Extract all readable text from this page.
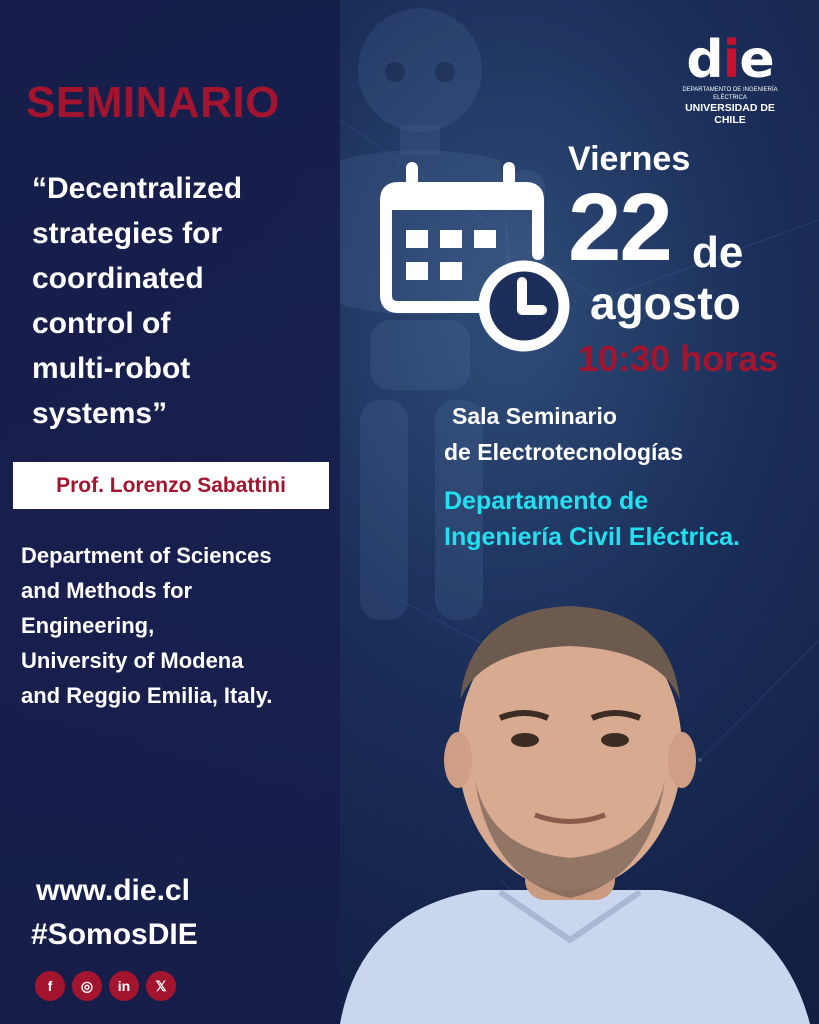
die
DEPARTAMENTO DE INGENIERÍA ELÉCTRICA
UNIVERSIDAD DE CHILE
SEMINARIO
“Decentralized
strategies for
coordinated
control of
multi-robot
systems”
Prof. Lorenzo Sabattini
Department of Sciences
and Methods for
Engineering,
University of Modena
and Reggio Emilia, Italy.
www.die.cl
#SomosDIE
f	◎	in	𝕏
Viernes
22 de
agosto
10:30 horas
Sala Seminario
de Electrotecnologías
Departamento de
Ingeniería Civil Eléctrica.
